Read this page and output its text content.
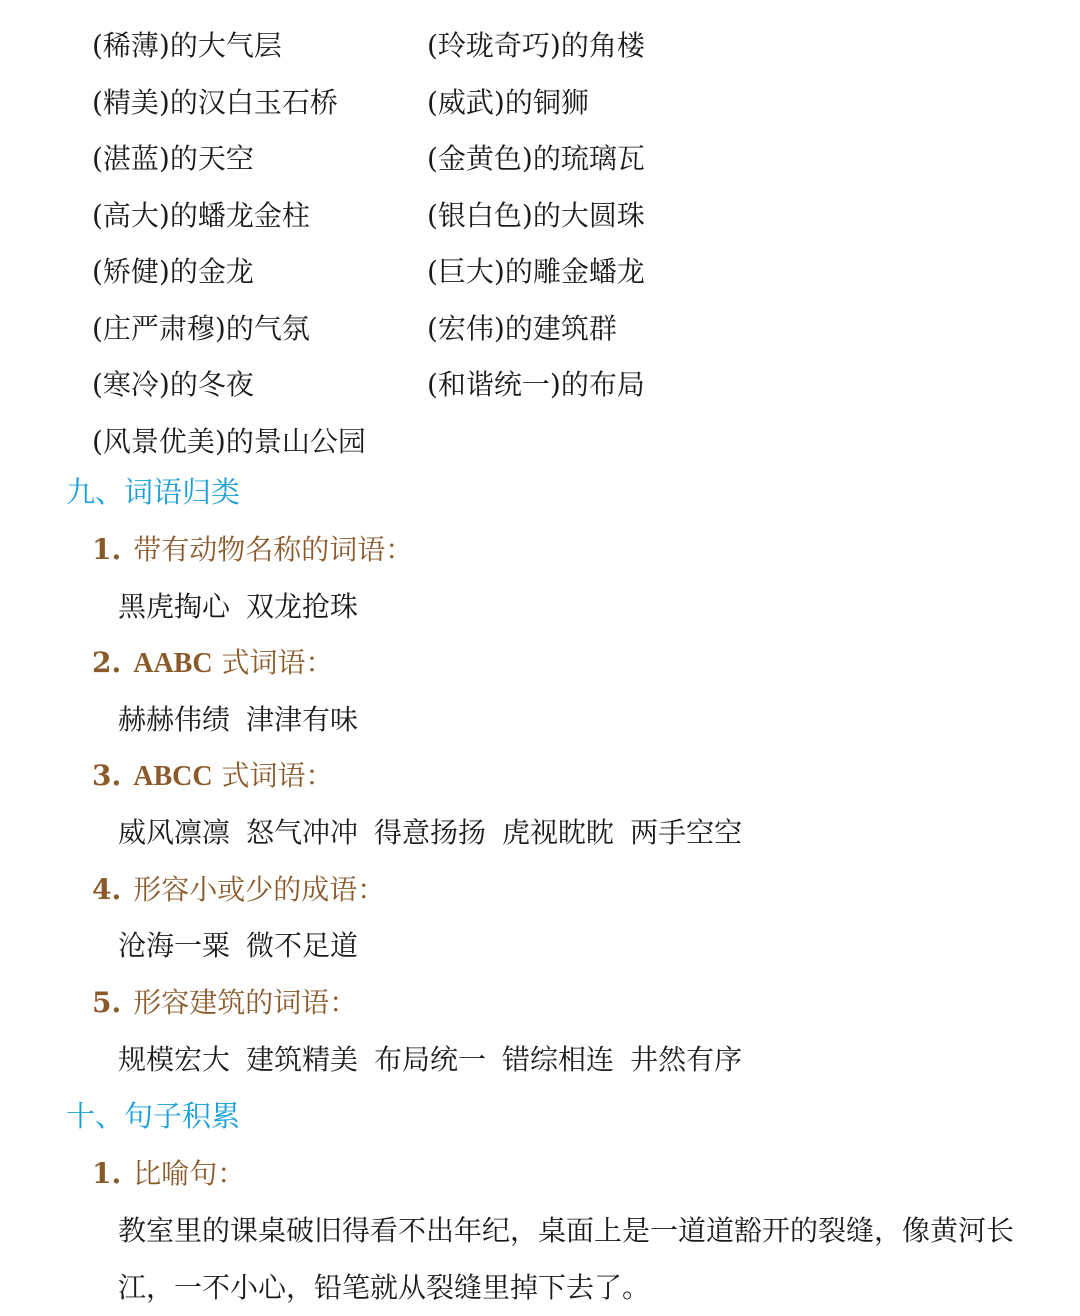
(稀薄)的大气层	(玲珑奇巧)的角楼
(精美)的汉白玉石桥	(威武)的铜狮
(湛蓝)的天空	(金黄色)的琉璃瓦
(高大)的蟠龙金柱	(银白色)的大圆珠
(矫健)的金龙	(巨大)的雕金蟠龙
(庄严肃穆)的气氛	(宏伟)的建筑群
(寒冷)的冬夜	(和谐统一)的布局
(风景优美)的景山公园
九、词语归类
1. 带有动物名称的词语：
黑虎掏心 双龙抢珠
2. AABC 式词语：
赫赫伟绩 津津有味
3. ABCC 式词语：
威风凛凛 怒气冲冲 得意扬扬 虎视眈眈 两手空空
4. 形容小或少的成语：
沧海一粟 微不足道
5. 形容建筑的词语：
规模宏大 建筑精美 布局统一 错综相连 井然有序
十、句子积累
1. 比喻句：
教室里的课桌破旧得看不出年纪，桌面上是一道道豁开的裂缝，像黄河长江，一不小心，铅笔就从裂缝里掉下去了。
